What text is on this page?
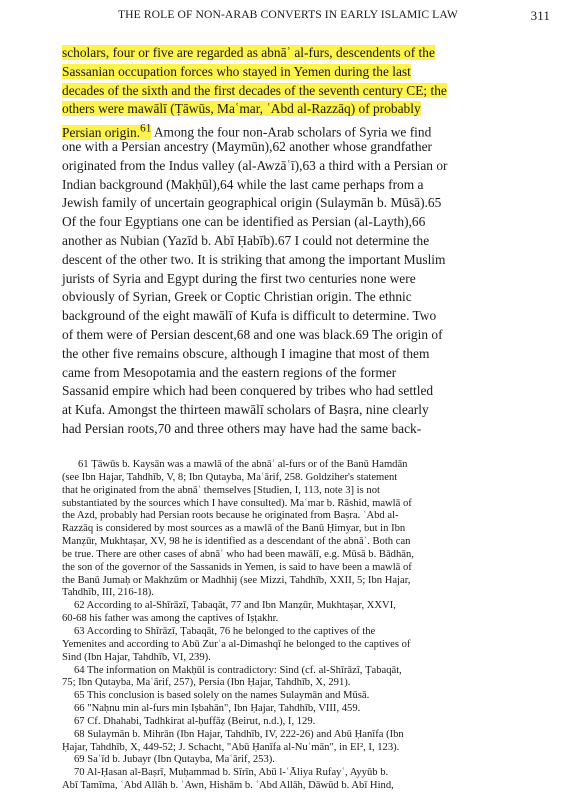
THE ROLE OF NON-ARAB CONVERTS IN EARLY ISLAMIC LAW	311
scholars, four or five are regarded as abnāʾ al-furs, descendents of the
Sassanian occupation forces who stayed in Yemen during the last
decades of the sixth and the first decades of the seventh century CE; the
others were mawālī (Ṭāwūs, Maʿmar, ʿAbd al-Razzāq) of probably
Persian origin.$^{61}$ Among the four non-Arab scholars of Syria we find
one with a Persian ancestry (Maymūn),62 another whose grandfather
originated from the Indus valley (al-Awzāʿī),63 a third with a Persian or
Indian background (Makḥūl),64 while the last came perhaps from a
Jewish family of uncertain geographical origin (Sulaymān b. Mūsā).65
Of the four Egyptians one can be identified as Persian (al-Layth),66
another as Nubian (Yazīd b. Abī Ḥabīb).67 I could not determine the
descent of the other two. It is striking that among the important Muslim
jurists of Syria and Egypt during the first two centuries none were
obviously of Syrian, Greek or Coptic Christian origin. The ethnic
background of the eight mawālī of Kufa is difficult to determine. Two
of them were of Persian descent,68 and one was black.69 The origin of
the other five remains obscure, although I imagine that most of them
came from Mesopotamia and the eastern regions of the former
Sassanid empire which had been conquered by tribes who had settled
at Kufa. Amongst the thirteen mawālī scholars of Baṣra, nine clearly
had Persian roots,70 and three others may have had the same back-
61 Ṭāwūs b. Kaysān was a mawlā of the abnāʾ al-furs or of the Banū Hamdān
(see Ibn Hajar, Tahdhīb, V, 8; Ibn Qutayba, Maʿārif, 258. Goldziher's statement
that he originated from the abnāʾ themselves [Studien, I, 113, note 3] is not
substantiated by the sources which I have consulted). Maʿmar b. Rāshid, mawlā of
the Azd, probably had Persian roots because he originated from Baṣra. ʿAbd al-
Razzāq is considered by most sources as a mawlā of the Banū Ḥimyar, but in Ibn
Manẓūr, Mukhtaṣar, XV, 98 he is identified as a descendant of the abnāʾ. Both can
be true. There are other cases of abnāʾ who had been mawālī, e.g. Mūsā b. Bādhān,
the son of the governor of the Sassanids in Yemen, is said to have been a mawlā of
the Banū Jumaḥ or Makhzūm or Madhhij (see Mizzi, Tahdhīb, XXII, 5; Ibn Hajar,
Tahdhīb, III, 216-18).
62 According to al-Shīrāzī, Ṭabaqāt, 77 and Ibn Manẓūr, Mukhtaṣar, XXVI,
60-68 his father was among the captives of Iṣṭakhr.
63 According to Shīrāzī, Ṭabaqāt, 76 he belonged to the captives of the
Yemenites and according to Abū Zurʿa al-Dimashqī he belonged to the captives of
Sind (Ibn Hajar, Tahdhīb, VI, 239).
64 The information on Makḥūl is contradictory: Sind (cf. al-Shīrāzī, Ṭabaqāt,
75; Ibn Qutayba, Maʿārif, 257), Persia (Ibn Ḥajar, Tahdhīb, X, 291).
65 This conclusion is based solely on the names Sulaymān and Mūsā.
66 "Naḥnu min al-furs min Iṣbahān", Ibn Ḥajar, Tahdhīb, VIII, 459.
67 Cf. Dhahabi, Tadhkirat al-ḥuffāẓ (Beirut, n.d.), I, 129.
68 Sulaymān b. Mihrān (Ibn Hajar, Tahdhīb, IV, 222-26) and Abū Ḥanīfa (Ibn
Ḥajar, Tahdhīb, X, 449-52; J. Schacht, "Abū Ḥanīfa al-Nuʿmān", in EI², I, 123).
69 Saʿīd b. Jubayr (Ibn Qutayba, Maʿārif, 253).
70 Al-Ḥasan al-Baṣrī, Muḥammad b. Sīrīn, Abū l-ʿĀliya Rufayʿ, Ayyūb b.
Abī Tamīma, ʿAbd Allāh b. ʿAwn, Hishām b. ʿAbd Allāh, Dāwūd b. Abī Hind,
